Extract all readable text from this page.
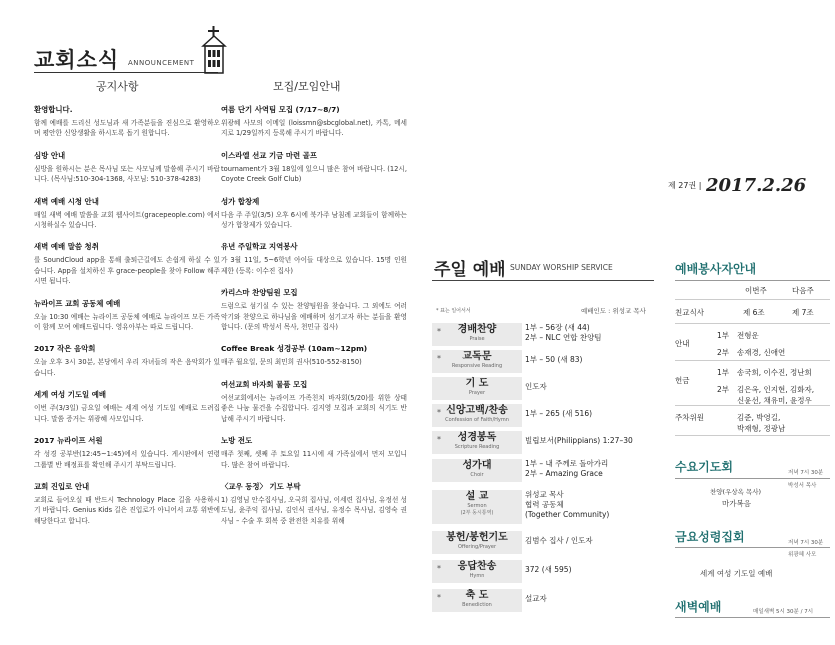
교회소식 ANNOUNCEMENT
공지사항	모집/모임안내
환영합니다.
함께 예배를 드리신 성도님과 새 가족분들을 진심으로 환영하오며 평안한 신앙생활을 하시도록 돕기 원합니다.
심방 안내
심방을 원하시는 분은 목사님 또는 사모님께 말씀해 주시기 바랍니다. (목사님:510-304-1368, 사모님: 510-378-4283)
새벽 예배 시청 안내
매일 새벽 예배 말씀을 교회 웹사이트(gracepeople.com) 에서 시청하실수 있습니다.
새벽 예배 말씀 청취
를 SoundCloud app을 통해 출퇴근길에도 손쉽게 하실 수 있습니다. App을 설치하신 후 grace-people을 찾아 Follow 해주시면 됩니다.
뉴라이프 교회 공동체 예배
오늘 10:30 예배는 뉴라이프 공동체 예배로 뉴라이프 모든 가족이 함께 모여 예배드립니다. 영유아부는 따로 드립니다.
2017 작은 음악회
오늘 오후 3시 30분, 본당에서 우리 자녀들의 작은 음악회가 있습니다.
세계 여성 기도일 예배
이번 주(3/3일) 금요일 예배는 세계 여성 기도일 예배로 드려집니다. 말씀 증거는 위광혜 사모입니다.
2017 뉴라이프 서원
각 성경 공부반(12:45~1:45)에서 있습니다. 게시판에서 연령 그룹별 반 배정표를 확인해 주시기 부탁드립니다.
교회 진입로 안내
교회로 들어오실 때 반드시 Technology Place 길을 사용하시기 바랍니다. Genius Kids 길은 진입로가 아니어서 교통 위반에 해당한다고 합니다.
여름 단기 사역팀 모집 (7/17~8/7)
위광혜 사모의 이메일 (loissmn@sbcglobal.net), 카톡, 메세지로 1/29일까지 등록해 주시기 바랍니다.
이스라엘 선교 기금 마련 골프
tournament가 3월 18일에 있으니 많은 참여 바랍니다. (12시, Coyote Creek Golf Club)
성가 합창제
다음 주 주일(3/5) 오후 6시에 북가주 남침례 교회들이 함께하는 성가 합창제가 있습니다.
유년 주일학교 지역봉사
가 3월 11일, 5~6학년 아이들 대상으로 있습니다. 15명 인원 제한 (등록: 이수진 집사)
카리스마 찬양팀원 모집
드럼으로 섬기실 수 있는 찬양팀원을 찾습니다. 그 외에도 여러 악기와 찬양으로 하나님을 예배하며 섬기고자 하는 분들을 환영합니다. (문의 박성서 목사, 천민규 집사)
Coffee Break 성경공부 (10am~12pm)
매주 월요일, 문의 최민희 권사(510-552-8150)
여선교회 바자회 물품 모집
여선교회에서는 뉴라이프 가족친치 바자회(5/20)를 위한 상태 좋은 나눔 물건을 수집합니다. 김지영 모집과 교회의 식기도 반납해 주시기 바랍니다.
노방 전도
매주 첫째, 셋째 주 토요일 11시에 새 가족실에서 먼저 모입니다. 많은 참여 바랍니다.
〈교우 동정〉 기도 부탁
1) 김영님 안수집사님, 오국희 집사님, 이세련 집사님, 유정선 성도님, 윤주익 집사님, 김인식 권사님, 유정수 목사님, 김영숙 권사님 – 수술 후 회복 중 완전한 치유를 위해
제 27권 | 2017.2.26
주일 예배 SUNDAY WORSHIP SERVICE
* 표는 일어서서	예배인도 : 위성교 목사
*	경배찬양
Praise
1부 – 56장 (새 44)
2부 – NLC 연합 찬양팀
*	교독문
Responsive Reading
1부 – 50 (새 83)
기 도
Prayer
인도자
* 신앙고백/찬송
Confession of Faith/Hymn
1부 – 265 (새 516)
*	성경봉독
Scripture Reading
빌립보서(Philippians) 1:27–30
성가대
Choir
1부 – 내 주께로 돌아가리
2부 – Amazing Grace
설 교
Sermon
(2부 동시통역)
위성교 목사
협력 공동체
(Together Community)
봉헌/봉헌기도
Offering/Prayer
김범수 집사 / 인도자
*	응답찬송
Hymn
372 (새 595)
*	축 도
Benediction
설교자
예배봉사자안내
이번주	다음주
친교식사	제 6조	제 7조
안내
1부 전형운
2부 송재경, 신애연
헌금
1부 송국희, 이수진, 정난희
2부 김은옥, 인지현, 김화자,
신윤선, 채유미, 윤정우
주차위원	김준, 박영길,
박재형, 정광남
수요기도회	저녁 7시 30분
박성서 목사
찬양(우상옥 목사)
마가복음
금요성령집회	저녁 7시 30분
위광혜 사모
세계 여성 기도일 예배
새벽예배	매일새벽 5시 30분 / 7시
